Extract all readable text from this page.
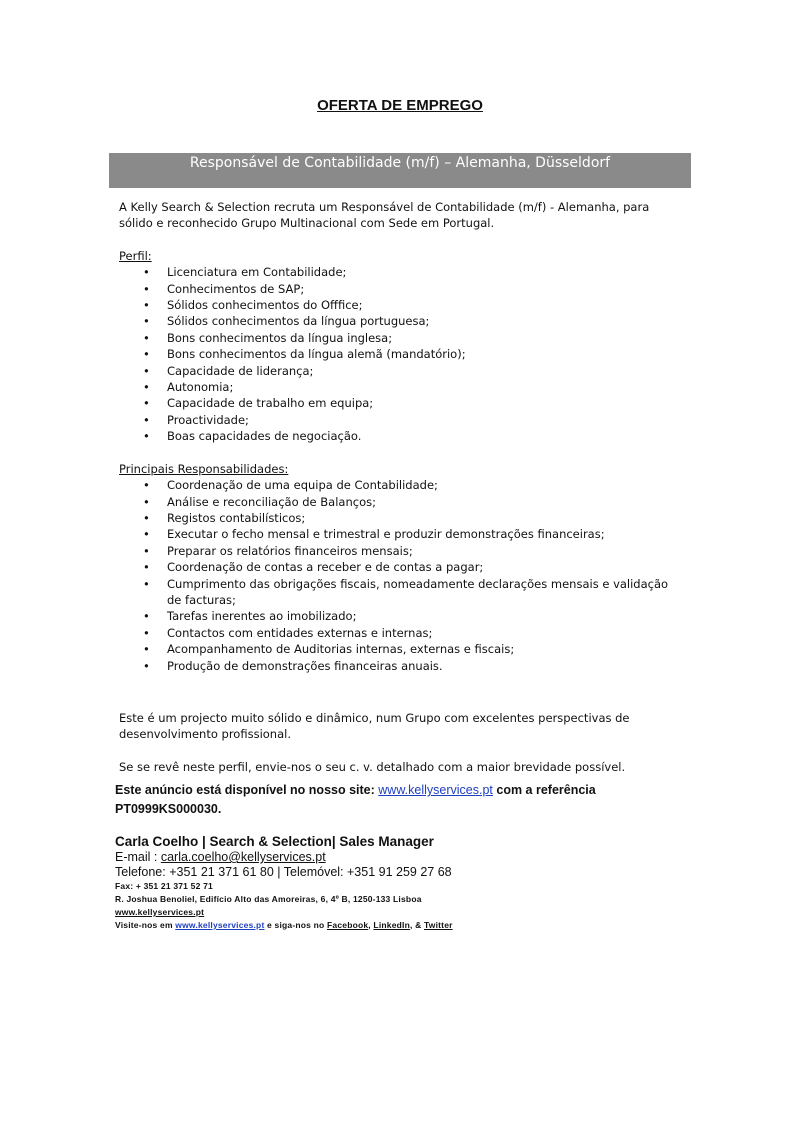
OFERTA DE EMPREGO
Responsável de Contabilidade (m/f) – Alemanha, Düsseldorf

A Kelly Search & Selection recruta um Responsável de Contabilidade (m/f) - Alemanha, para sólido e reconhecido Grupo Multinacional com Sede em Portugal.

Perfil:

• Licenciatura em Contabilidade;
• Conhecimentos de SAP;
• Sólidos conhecimentos do Offfice;
• Sólidos conhecimentos da língua portuguesa;
• Bons conhecimentos da língua inglesa;
• Bons conhecimentos da língua alemã (mandatório);
• Capacidade de liderança;
• Autonomia;
• Capacidade de trabalho em equipa;
• Proactividade;
• Boas capacidades de negociação.

Principais Responsabilidades:

• Coordenação de uma equipa de Contabilidade;
• Análise e reconciliação de Balanços;
• Registos contabilísticos;
• Executar o fecho mensal e trimestral e produzir demonstrações financeiras;
• Preparar os relatórios financeiros mensais;
• Coordenação de contas a receber e de contas a pagar;
• Cumprimento das obrigações fiscais, nomeadamente declarações mensais e validação de facturas;
• Tarefas inerentes ao imobilizado;
• Contactos com entidades externas e internas;
• Acompanhamento de Auditorias internas, externas e fiscais;
• Produção de demonstrações financeiras anuais.

Este é um projecto muito sólido e dinâmico, num Grupo com excelentes perspectivas de desenvolvimento profissional.

Se se revê neste perfil, envie-nos o seu c. v. detalhado com a maior brevidade possível.

Este anúncio está disponível no nosso site: www.kellyservices.pt com a referência
PT0999KS000030.
Carla Coelho | Search & Selection| Sales Manager
E-mail : carla.coelho@kellyservices.pt
Telefone: +351 21 371 61 80 | Telemóvel: +351 91 259 27 68
Fax: + 351 21 371 52 71
R. Joshua Benoliel, Edifício Alto das Amoreiras, 6, 4º B, 1250-133 Lisboa
www.kellyservices.pt
Visite-nos em www.kellyservices.pt e siga-nos no Facebook, LinkedIn, & Twitter
